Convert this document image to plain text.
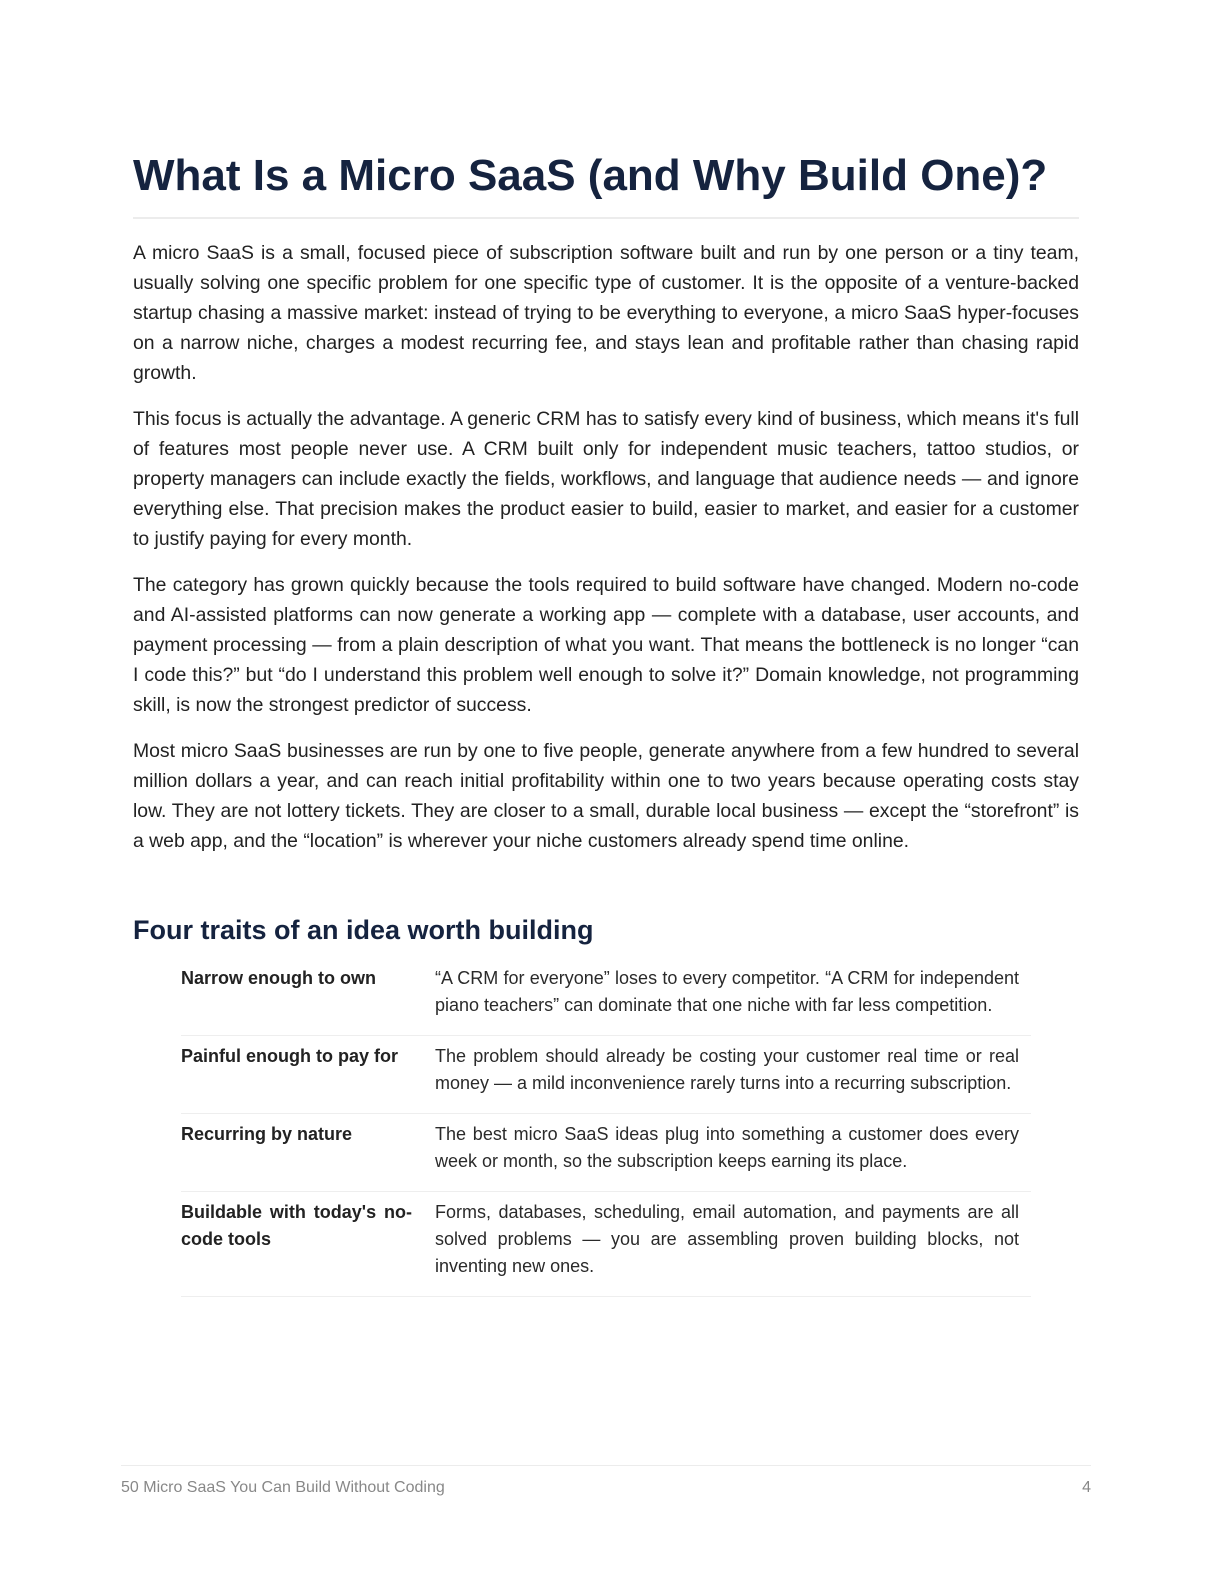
What Is a Micro SaaS (and Why Build One)?

A micro SaaS is a small, focused piece of subscription software built and run by one person or a tiny team, usually solving one specific problem for one specific type of customer. It is the opposite of a venture-backed startup chasing a massive market: instead of trying to be everything to everyone, a micro SaaS hyper-focuses on a narrow niche, charges a modest recurring fee, and stays lean and profitable rather than chasing rapid growth.

This focus is actually the advantage. A generic CRM has to satisfy every kind of business, which means it's full of features most people never use. A CRM built only for independent music teachers, tattoo studios, or property managers can include exactly the fields, workflows, and language that audience needs — and ignore everything else. That precision makes the product easier to build, easier to market, and easier for a customer to justify paying for every month.

The category has grown quickly because the tools required to build software have changed. Modern no-code and AI-assisted platforms can now generate a working app — complete with a database, user accounts, and payment processing — from a plain description of what you want. That means the bottleneck is no longer “can I code this?” but “do I understand this problem well enough to solve it?” Domain knowledge, not programming skill, is now the strongest predictor of success.

Most micro SaaS businesses are run by one to five people, generate anywhere from a few hundred to several million dollars a year, and can reach initial profitability within one to two years because operating costs stay low. They are not lottery tickets. They are closer to a small, durable local business — except the “storefront” is a web app, and the “location” is wherever your niche customers already spend time online.

Four traits of an idea worth building
Narrow enough to own	“A CRM for everyone” loses to every competitor. “A CRM for independent piano teachers” can dominate that one niche with far less competition.
Painful enough to pay for	The problem should already be costing your customer real time or real money — a mild inconvenience rarely turns into a recurring subscription.
Recurring by nature	The best micro SaaS ideas plug into something a customer does every week or month, so the subscription keeps earning its place.
Buildable with today's no-code tools	Forms, databases, scheduling, email automation, and payments are all solved problems — you are assembling proven building blocks, not inventing new ones.
50 Micro SaaS You Can Build Without Coding	4
